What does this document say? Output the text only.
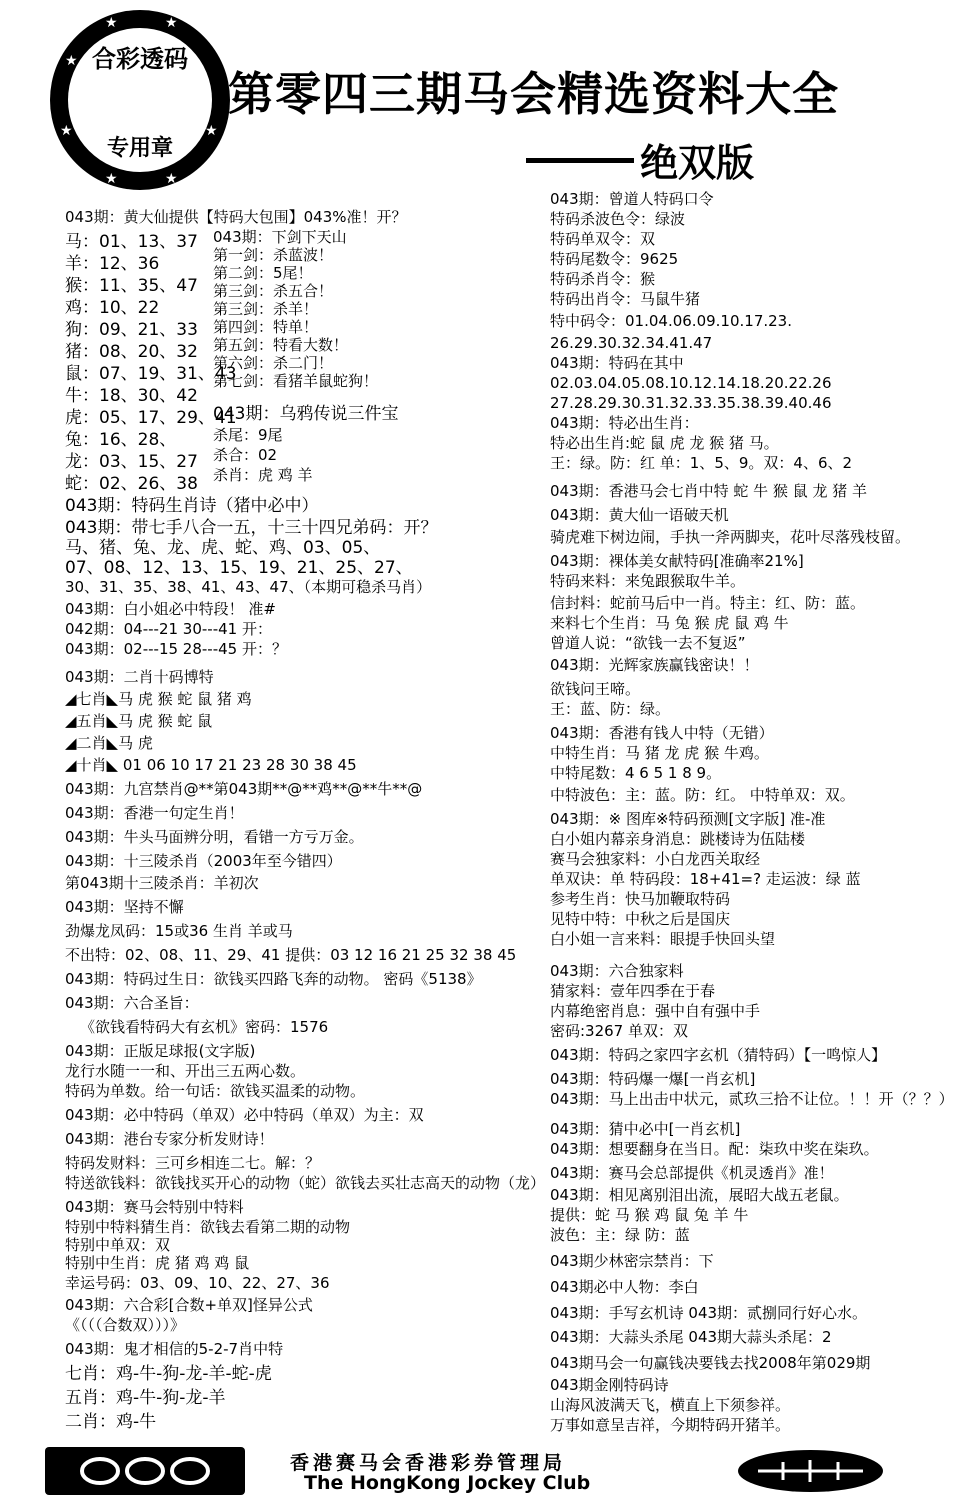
★
★
★
★	★
★
★
合彩透码
专用章
第零四三期马会精选资料大全
绝双版
043期：黄大仙提供【特码大包围】043%准！开？
马：01、13、37
羊：12、36
猴：11、35、47
鸡：10、22
狗：09、21、33
猪：08、20、32
鼠：07、19、31、43
牛：18、30、42
虎：05、17、29、41
兔：16、28、
龙：03、15、27
蛇：02、26、38
043期：下剑下天山
第一剑：杀蓝波！
第二剑：5尾！
第三剑：杀五合！
第三剑：杀羊！
第四剑：特单！
第五剑：特看大数！
第六剑：杀二门！
第七剑：看猪羊鼠蛇狗！
043期：乌鸦传说三件宝
杀尾：9尾
杀合：02
杀肖：虎 鸡 羊
043期：特码生肖诗（猪中必中）
043期：带七手八合一五，十三十四兄弟码：开？
马、猪、兔、龙、虎、蛇、鸡、03、05、
07、08、12、13、15、19、21、25、27、
30、31、35、38、41、43、47、（本期可稳杀马肖）
043期：白小姐必中特段！ 准#
042期：04---21 30---41 开：
043期：02---15 28---45 开：？
043期：二肖十码博特
◢七肖◣马 虎 猴 蛇 鼠 猪 鸡
◢五肖◣马 虎 猴 蛇 鼠
◢二肖◣马 虎
◢十肖◣ 01 06 10 17 21 23 28 30 38 45
043期：九宫禁肖@**第043期**@**鸡**@**牛**@
043期：香港一句定生肖！
043期：牛头马面辨分明，看错一方亏万金。
043期：十三陵杀肖（2003年至今错四）
第043期十三陵杀肖：羊初次
043期：坚持不懈
劲爆龙凤码：15或36 生肖 羊或马
不出特：02、08、11、29、41 提供：03 12 16 21 25 32 38 45
043期：特码过生日：欲钱买四路飞奔的动物。 密码《5138》
043期：六合圣旨：
《欲钱看特码大有玄机》密码：1576
043期：正版足球报(文字版)
龙行水随一一和、开出三五两心数。
特码为单数。给一句话：欲钱买温柔的动物。
043期：必中特码（单双）必中特码（单双）为主：双
043期：港台专家分析发财诗！
特码发财料：三可乡相连二七。解：？
特送欲钱料：欲钱找买开心的动物（蛇）欲钱去买壮志高天的动物（龙）
043期：赛马会特别中特料
特别中特料猜生肖：欲钱去看第二期的动物
特别中单双：双
特别中生肖：虎 猪 鸡 鸡 鼠
幸运号码：03、09、10、22、27、36
043期：六合彩[合数+单双]怪异公式
《（（（合数双）））》
043期：鬼才相信的5-2-7肖中特
七肖：鸡-牛-狗-龙-羊-蛇-虎
五肖：鸡-牛-狗-龙-羊
二肖：鸡-牛
043期：曾道人特码口令
特码杀波色令：绿波
特码单双令：双
特码尾数令：9625
特码杀肖令：猴
特码出肖令：马鼠牛猪
特中码令：01.04.06.09.10.17.23.
26.29.30.32.34.41.47
043期：特码在其中
02.03.04.05.08.10.12.14.18.20.22.26
27.28.29.30.31.32.33.35.38.39.40.46
043期：特必出生肖：
特必出生肖:蛇 鼠 虎 龙 猴 猪 马。
王：绿。防：红 单：1、5、9。双：4、6、2
043期：香港马会七肖中特 蛇 牛 猴 鼠 龙 猪 羊
043期：黄大仙一语破天机
骑虎难下树边闹，手执一斧两脚夹，花叶尽落残枝留。
043期：裸体美女献特码[准确率21%]
特码来料：来兔跟猴取牛羊。
信封料：蛇前马后中一肖。特主：红、防：蓝。
来料七个生肖：马 兔 猴 虎 鼠 鸡 牛
曾道人说：“欲钱一去不复返”
043期：光辉家族赢钱密诀！！
欲钱问王啼。
王：蓝、防：绿。
043期：香港有钱人中特（无错）
中特生肖：马 猪 龙 虎 猴 牛鸡。
中特尾数：4 6 5 1 8 9。
中特波色：主：蓝。防：红。 中特单双：双。
043期：※ 图库※特码预测[文字版] 准-准
白小姐内幕亲身消息：跳楼诗为伍陆楼
赛马会独家料：小白龙西关取经
单双诀：单 特码段：18+41=? 走运波：绿 蓝
参考生肖：快马加鞭取特码
见特中特：中秋之后是国庆
白小姐一言来料：眼提手快回头望
043期：六合独家料
猜家料：壹年四季在于春
内幕绝密肖息：强中自有强中手
密码:3267 单双：双
043期：特码之家四字玄机（猜特码）【一鸣惊人】
043期：特码爆一爆[一肖玄机]
043期：马上出击中状元，贰玖三拾不让位。！！开（？？）
043期：猜中必中[一肖玄机]
043期：想要翻身在当日。配：柒玖中奖在柒玖。
043期：赛马会总部提供《机灵透肖》准！
043期：相见离别泪出流，展昭大战五老鼠。
提供：蛇 马 猴 鸡 鼠 兔 羊 牛
波色：主：绿 防：蓝
043期少林密宗禁肖：下
043期必中人物：李白
043期：手写玄机诗 043期：贰捌同行好心水。
043期：大蒜头杀尾 043期大蒜头杀尾：2
043期马会一句赢钱决要钱去找2008年第029期
043期金刚特码诗
山海风波满天飞，横直上下须参祥。
万事如意呈吉祥，今期特码开猪羊。
香港赛马会香港彩券管理局
The HongKong Jockey Club
